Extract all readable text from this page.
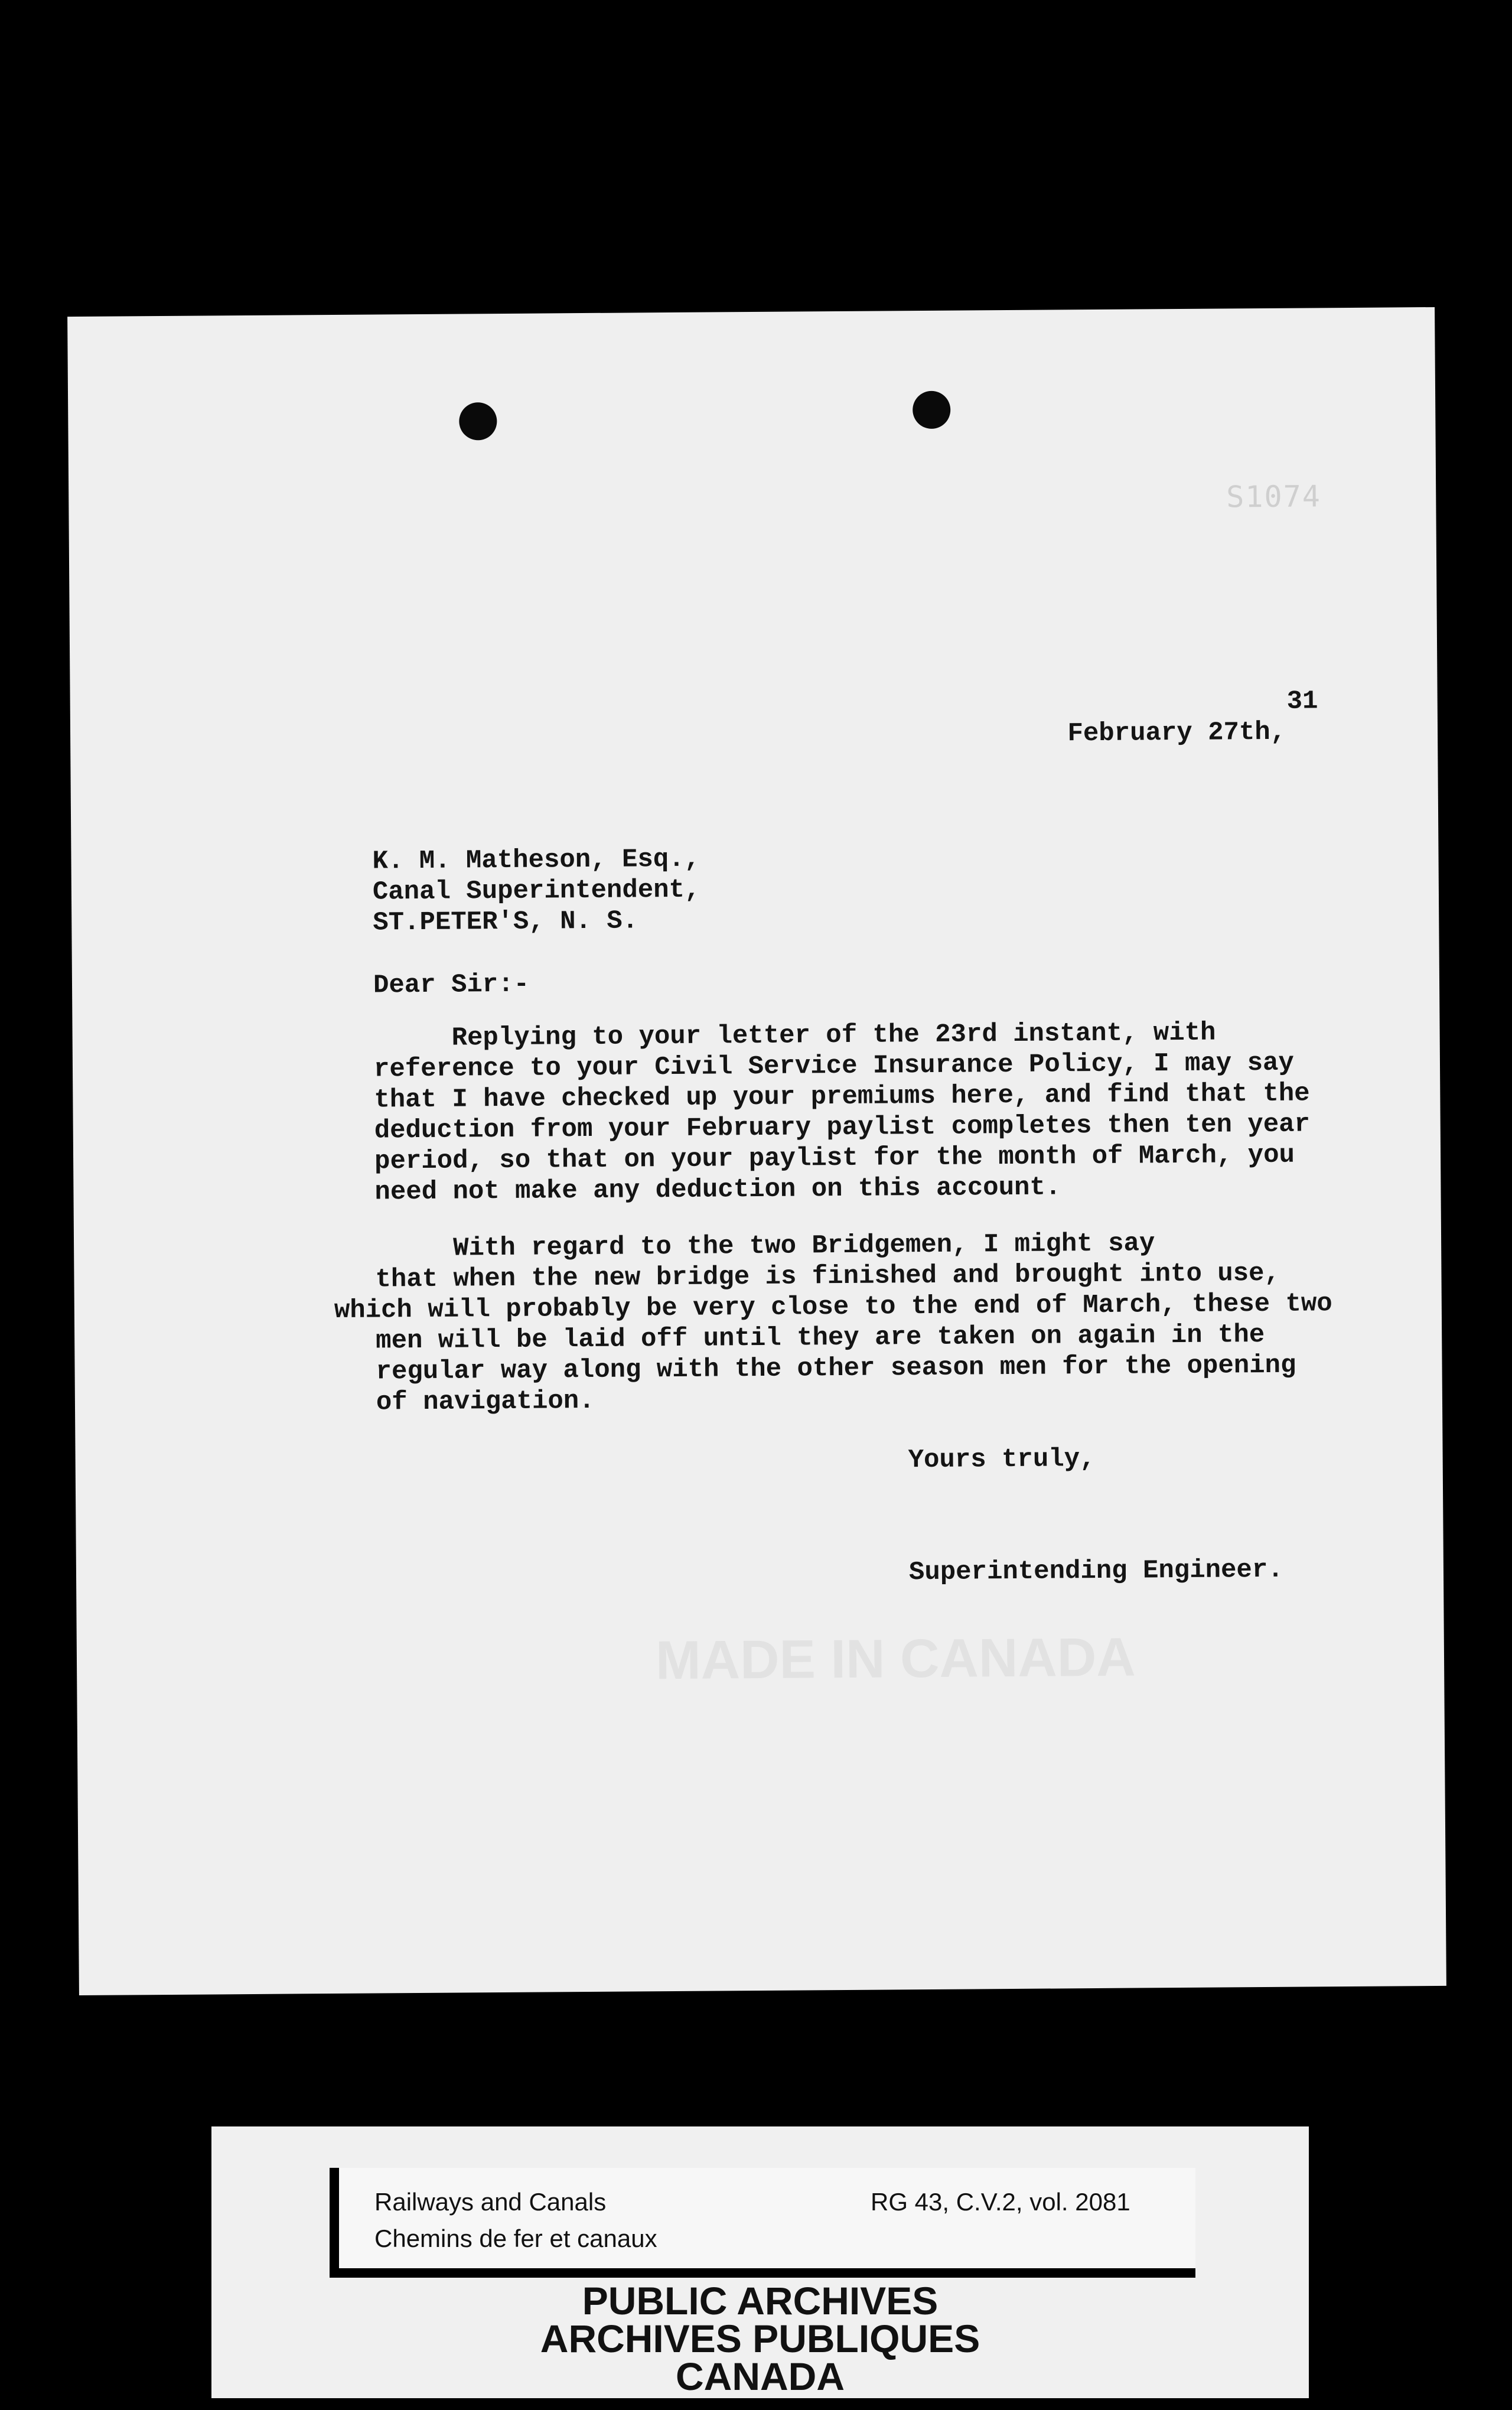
S1074
MADE IN CANADA

February 27th,

31
K. M. Matheson, Esq.,
Canal Superintendent,
ST.PETER'S, N. S.
Dear Sir:-
Replying to your letter of the 23rd instant, with
reference to your Civil Service Insurance Policy, I may say
that I have checked up your premiums here, and find that the
deduction from your February paylist completes then ten year
period, so that on your paylist for the month of March, you
need not make any deduction on this account.
With regard to the two Bridgemen, I might say
that when the new bridge is finished and brought into use,
which will probably be very close to the end of March, these two
men will be laid off until they are taken on again in the
regular way along with the other season men for the opening
of navigation.
Yours truly,
Superintending Engineer.
Railways and Canals
Chemins de fer et canaux
RG 43, C.V.2, vol. 2081
PUBLIC ARCHIVES
ARCHIVES PUBLIQUES
CANADA
